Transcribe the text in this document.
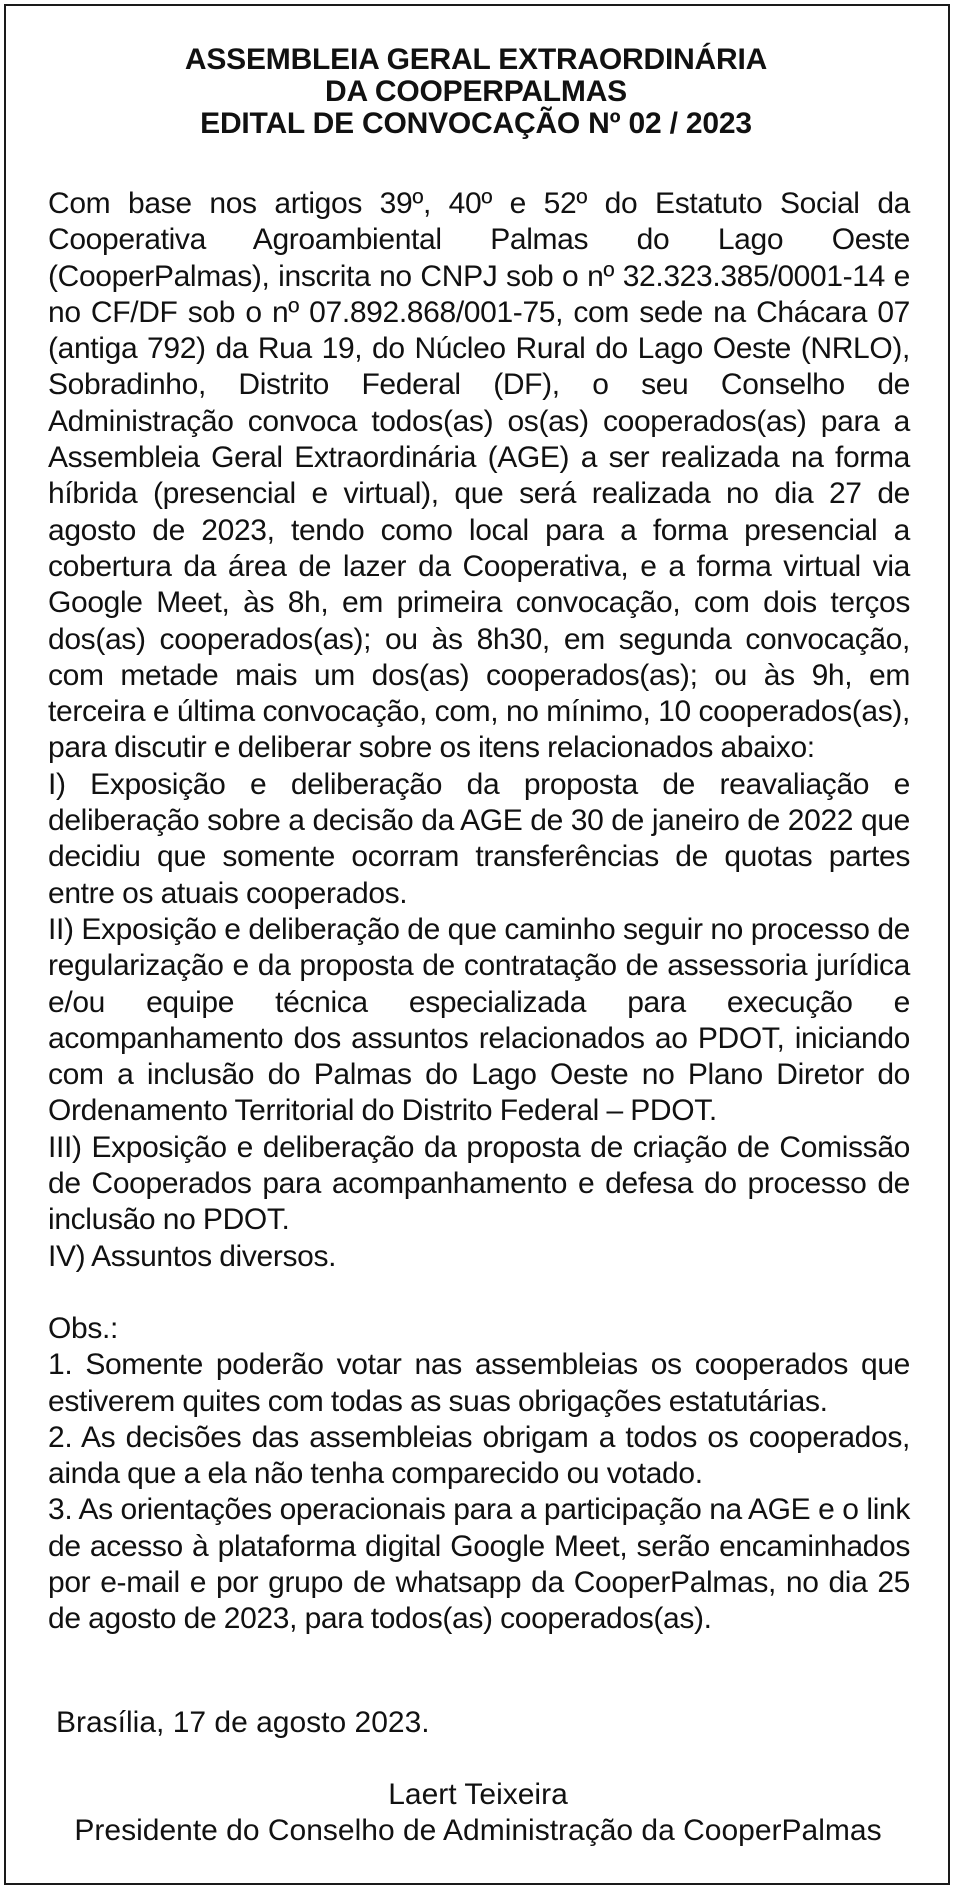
ASSEMBLEIA GERAL EXTRAORDINÁRIA
DA COOPERPALMAS
EDITAL DE CONVOCAÇÃO Nº 02 / 2023

Com base nos artigos 39º, 40º e 52º do Estatuto Social da Cooperativa Agroambiental Palmas do Lago Oeste (CooperPalmas), inscrita no CNPJ sob o nº 32.323.385/0001-14 e no CF/DF sob o nº 07.892.868/001-75, com sede na Chácara 07 (antiga 792) da Rua 19, do Núcleo Rural do Lago Oeste (NRLO), Sobradinho, Distrito Federal (DF), o seu Conselho de Administração convoca todos(as) os(as) cooperados(as) para a Assembleia Geral Extraordinária (AGE) a ser realizada na forma híbrida (presencial e virtual), que será realizada no dia 27 de agosto de 2023, tendo como local para a forma presencial a cobertura da área de lazer da Cooperativa, e a forma virtual via Google Meet, às 8h, em primeira convocação, com dois terços dos(as) cooperados(as); ou às 8h30, em segunda convocação, com metade mais um dos(as) cooperados(as); ou às 9h, em terceira e última convocação, com, no mínimo, 10 cooperados(as), para discutir e deliberar sobre os itens relacionados abaixo:

I) Exposição e deliberação da proposta de reavaliação e deliberação sobre a decisão da AGE de 30 de janeiro de 2022 que decidiu que somente ocorram transferências de quotas partes entre os atuais cooperados.

II) Exposição e deliberação de que caminho seguir no processo de regularização e da proposta de contratação de assessoria jurídica e/ou equipe técnica especializada para execução e acompanhamento dos assuntos relacionados ao PDOT, iniciando com a inclusão do Palmas do Lago Oeste no Plano Diretor do Ordenamento Territorial do Distrito Federal – PDOT.

III) Exposição e deliberação da proposta de criação de Comissão de Cooperados para acompanhamento e defesa do processo de inclusão no PDOT.

IV) Assuntos diversos.

Obs.:

1. Somente poderão votar nas assembleias os cooperados que estiverem quites com todas as suas obrigações estatutárias.

2. As decisões das assembleias obrigam a todos os cooperados, ainda que a ela não tenha comparecido ou votado.

3. As orientações operacionais para a participação na AGE e o link de acesso à plataforma digital Google Meet, serão encaminhados por e-mail e por grupo de whatsapp da CooperPalmas, no dia 25 de agosto de 2023, para todos(as) cooperados(as).

Brasília, 17 de agosto 2023.
Laert Teixeira
Presidente do Conselho de Administração da CooperPalmas
